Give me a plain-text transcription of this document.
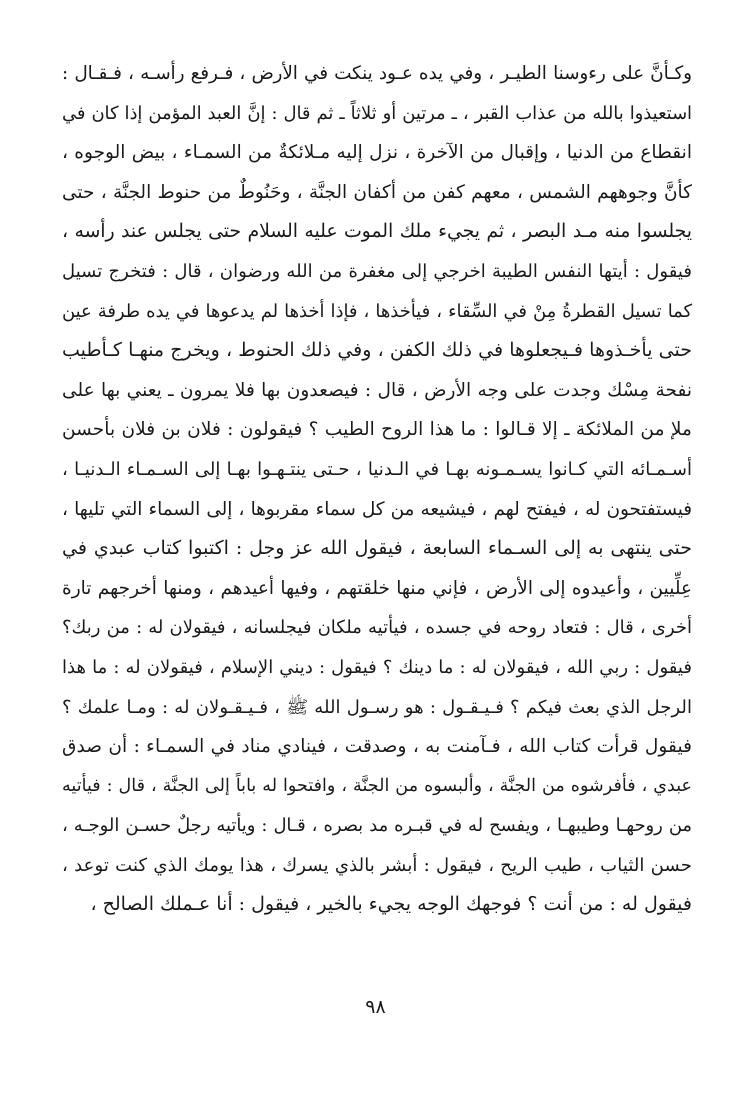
وكـأنَّ على رءوسنا الطيـر ، وفي يده عـود ينكت في الأرض ، فـرفع رأسـه ، فـقـال :
استعيذوا بالله من عذاب القبر ، ـ مرتين أو ثلاثاً ـ ثم قال : إنَّ العبد المؤمن إذا كان في
انقطاع من الدنيا ، وإقبال من الآخرة ، نزل إليه مـلائكةٌ من السمـاء ، بيض الوجوه ،
كأنَّ وجوههم الشمس ، معهم كفن من أكفان الجنَّة ، وحَنُوطٌ من حنوط الجنَّة ، حتى
يجلسوا منه مـد البصر ، ثم يجيء ملك الموت عليه السلام حتى يجلس عند رأسه ،
فيقول : أيتها النفس الطيبة اخرجي إلى مغفرة من الله ورضوان ، قال : فتخرج تسيل
كما تسيل القطرةُ مِنْ في السِّقاء ، فيأخذها ، فإذا أخذها لم يدعوها في يده طرفة عين
حتى يأخـذوها فـيجعلوها في ذلك الكفن ، وفي ذلك الحنوط ، ويخرج منهـا كـأطيب
نفحة مِسْك وجدت على وجه الأرض ، قال : فيصعدون بها فلا يمرون ـ يعني بها على
ملإ من الملائكة ـ إلا قـالوا : ما هذا الروح الطيب ؟ فيقولون : فلان بن فلان بأحسن
أسـمـائه التي كـانوا يسـمـونه بهـا في الـدنيا ، حـتى ينتـهـوا بهـا إلى السـمـاء الـدنيـا ،
فيستفتحون له ، فيفتح لهم ، فيشيعه من كل سماء مقربوها ، إلى السماء التي تليها ،
حتى ينتهى به إلى السـماء السابعة ، فيقول الله عز وجل : اكتبوا كتاب عبدي في
عِلِّيين ، وأعيدوه إلى الأرض ، فإني منها خلقتهم ، وفيها أعيدهم ، ومنها أخرجهم تارة
أخرى ، قال : فتعاد روحه في جسده ، فيأتيه ملكان فيجلسانه ، فيقولان له : من ربك؟
فيقول : ربي الله ، فيقولان له : ما دينك ؟ فيقول : ديني الإسلام ، فيقولان له : ما هذا
الرجل الذي بعث فيكم ؟ فـيـقـول : هو رسـول الله ﷺ ، فـيـقـولان له : ومـا علمك ؟
فيقول قرأت كتاب الله ، فـآمنت به ، وصدقت ، فينادي مناد في السمـاء : أن صدق
عبدي ، فأفرشوه من الجنَّة ، وألبسوه من الجنَّة ، وافتحوا له باباً إلى الجنَّة ، قال : فيأتيه
من روحهـا وطيبهـا ، ويفسح له في قبـره مد بصره ، قـال : ويأتيه رجلٌ حسـن الوجـه ،
حسن الثياب ، طيب الريح ، فيقول : أبشر بالذي يسرك ، هذا يومك الذي كنت توعد ،
فيقول له : من أنت ؟ فوجهك الوجه يجيء بالخير ، فيقول : أنا عـملك الصالح ،
٩٨
